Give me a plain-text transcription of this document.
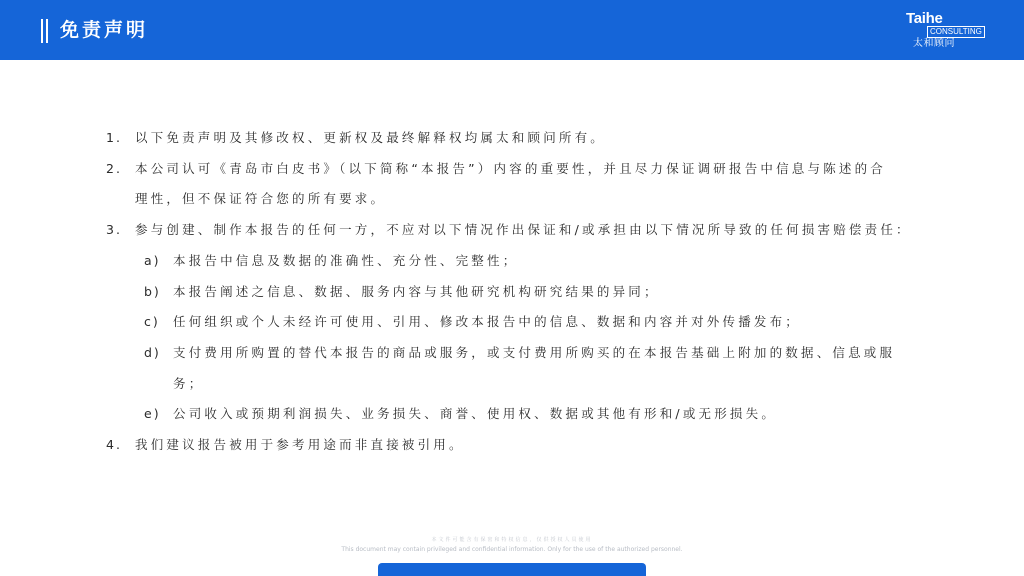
免责声明
Taihe
CONSULTING
太和顾问
1. 以下免责声明及其修改权、更新权及最终解释权均属太和顾问所有。
2. 本公司认可《青岛市白皮书》（以下简称“本报告”）内容的重要性，并且尽力保证调研报告中信息与陈述的合
理性，但不保证符合您的所有要求。
3. 参与创建、制作本报告的任何一方，不应对以下情况作出保证和/或承担由以下情况所导致的任何损害赔偿责任：
a) 本报告中信息及数据的准确性、充分性、完整性；
b) 本报告阐述之信息、数据、服务内容与其他研究机构研究结果的异同；
c) 任何组织或个人未经许可使用、引用、修改本报告中的信息、数据和内容并对外传播发布；
d) 支付费用所购置的替代本报告的商品或服务，或支付费用所购买的在本报告基础上附加的数据、信息或服
务；
e) 公司收入或预期利润损失、业务损失、商誉、使用权、数据或其他有形和/或无形损失。
4. 我们建议报告被用于参考用途而非直接被引用。
本文件可能含有保密和特权信息，仅供授权人员使用
This document may contain privileged and confidential information. Only for the use of the authorized personnel.
